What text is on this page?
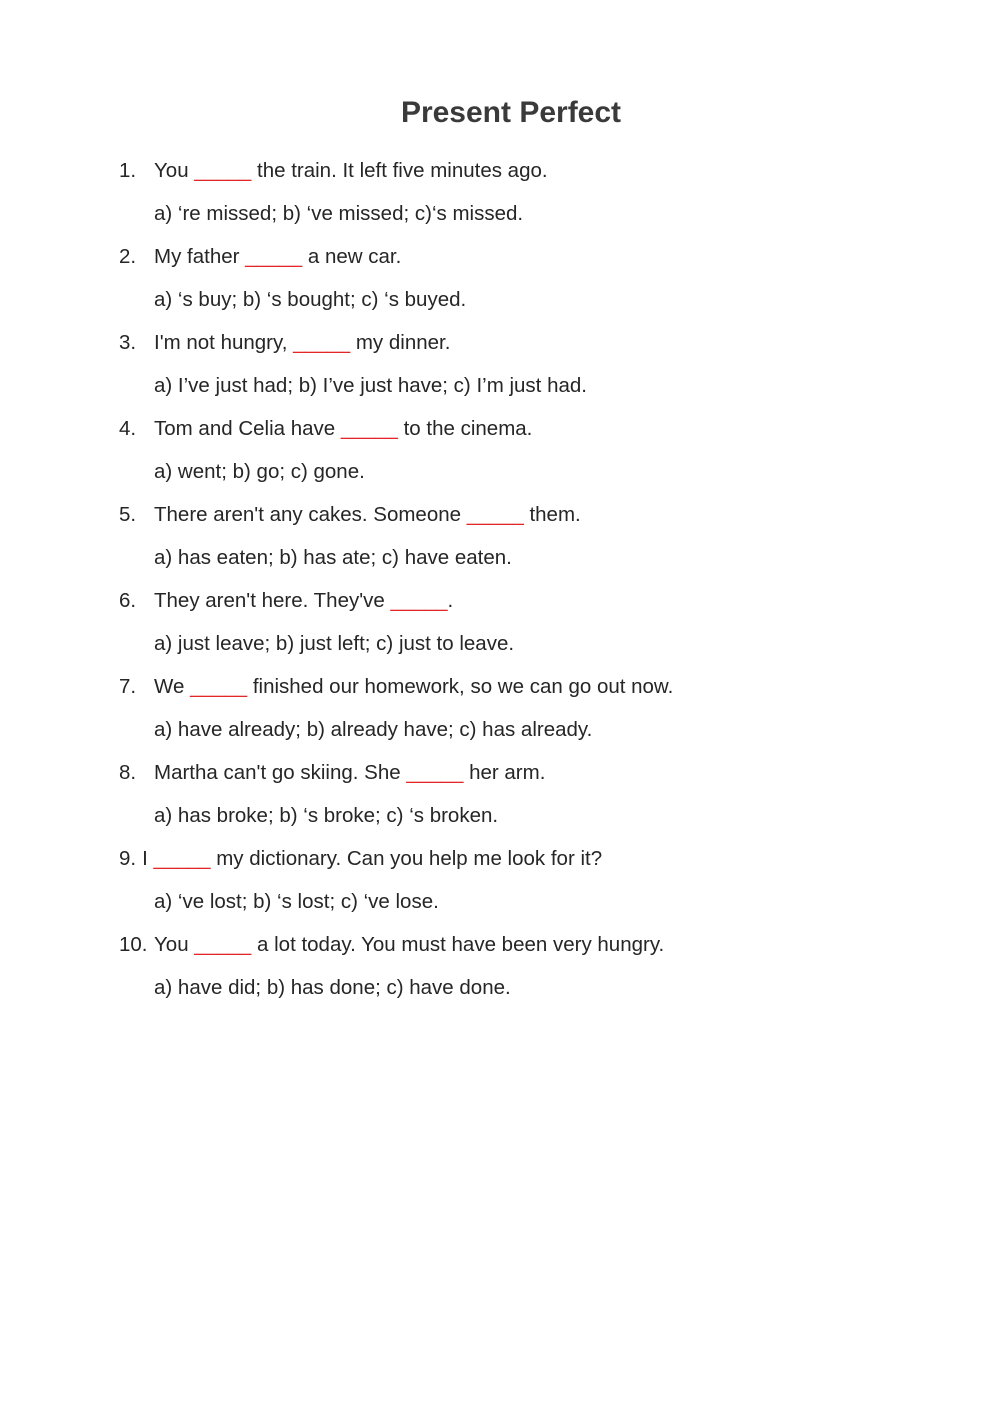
Present Perfect
1. You _____ the train. It left five minutes ago.
a) ‘re missed; b) ‘ve missed; c)‘s missed.
2. My father _____ a new car.
a) ‘s buy; b) ‘s bought; c) ‘s buyed.
3. I'm not hungry, _____ my dinner.
a) I’ve just had; b) I’ve just have; c) I’m just had.
4. Tom and Celia have _____ to the cinema.
a) went; b) go; c) gone.
5. There aren't any cakes. Someone _____ them.
a) has eaten; b) has ate; c) have eaten.
6. They aren't here. They've _____.
a) just leave; b) just left; c) just to leave.
7. We _____ finished our homework, so we can go out now.
a) have already; b) already have; c) has already.
8. Martha can't go skiing. She _____ her arm.
a) has broke; b) ‘s broke; c) ‘s broken.
9. I _____ my dictionary. Can you help me look for it?
a) ‘ve lost; b) ‘s lost; c) ‘ve lose.
10. You _____ a lot today. You must have been very hungry.
a) have did; b) has done; c) have done.
